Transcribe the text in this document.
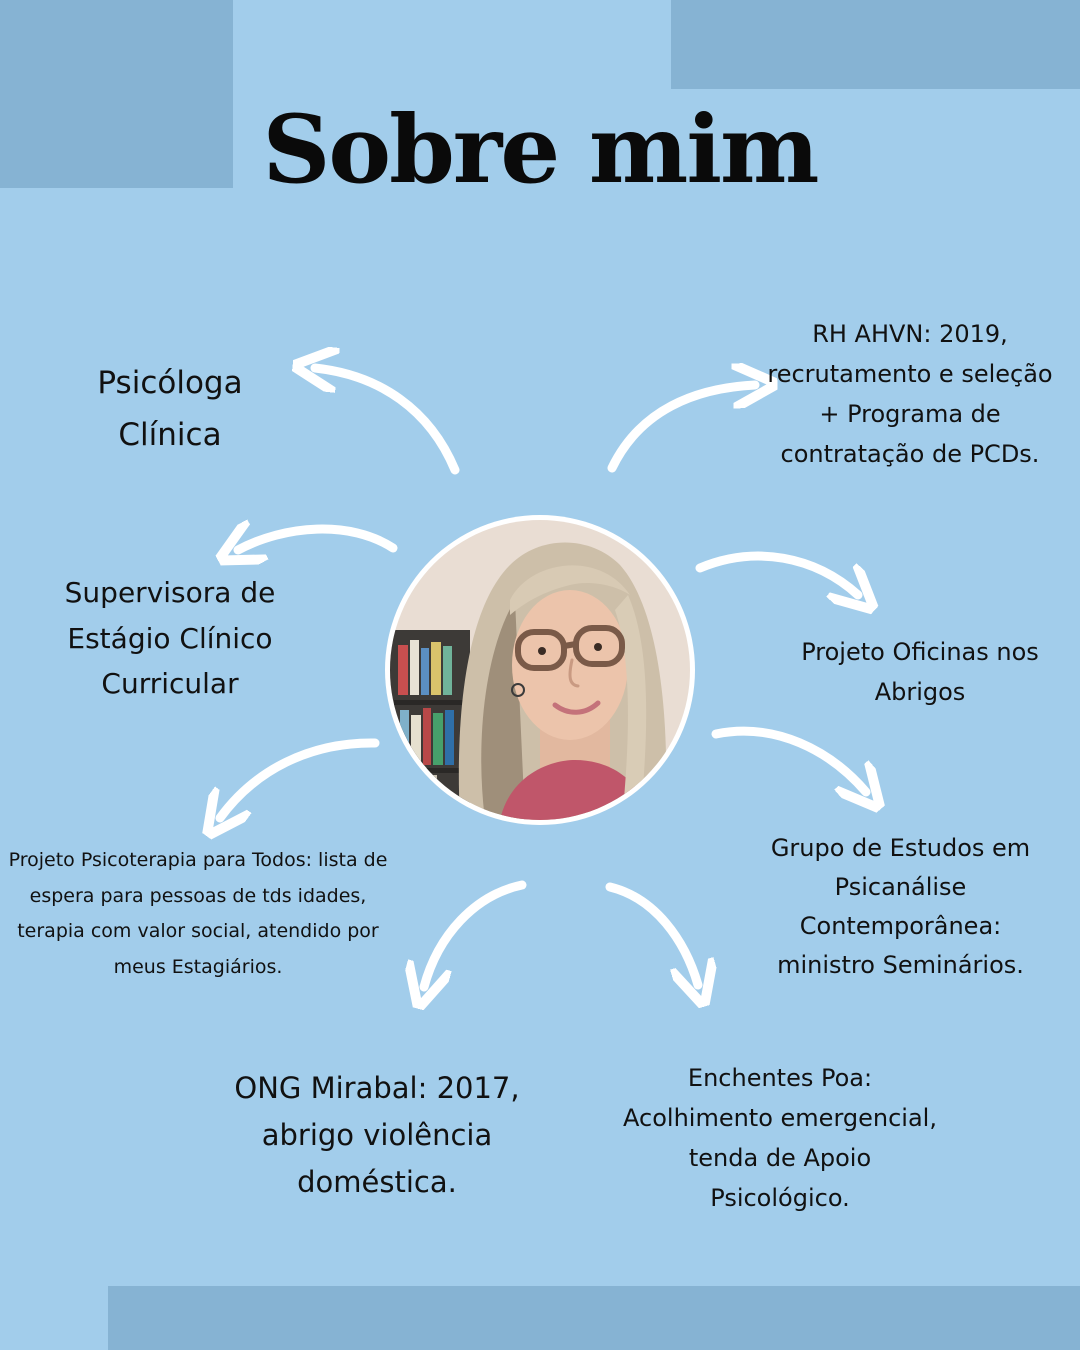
Sobre mim
Psicóloga Clínica
RH AHVN: 2019, recrutamento e seleção + Programa de contratação de PCDs.
Supervisora de Estágio Clínico Curricular
Projeto Oficinas nos Abrigos
Projeto Psicoterapia para Todos: lista de espera para pessoas de tds idades, terapia com valor social, atendido por meus Estagiários.
Grupo de Estudos em Psicanálise Contemporânea: ministro Seminários.
ONG Mirabal: 2017, abrigo violência doméstica.
Enchentes Poa: Acolhimento emergencial, tenda de Apoio Psicológico.
